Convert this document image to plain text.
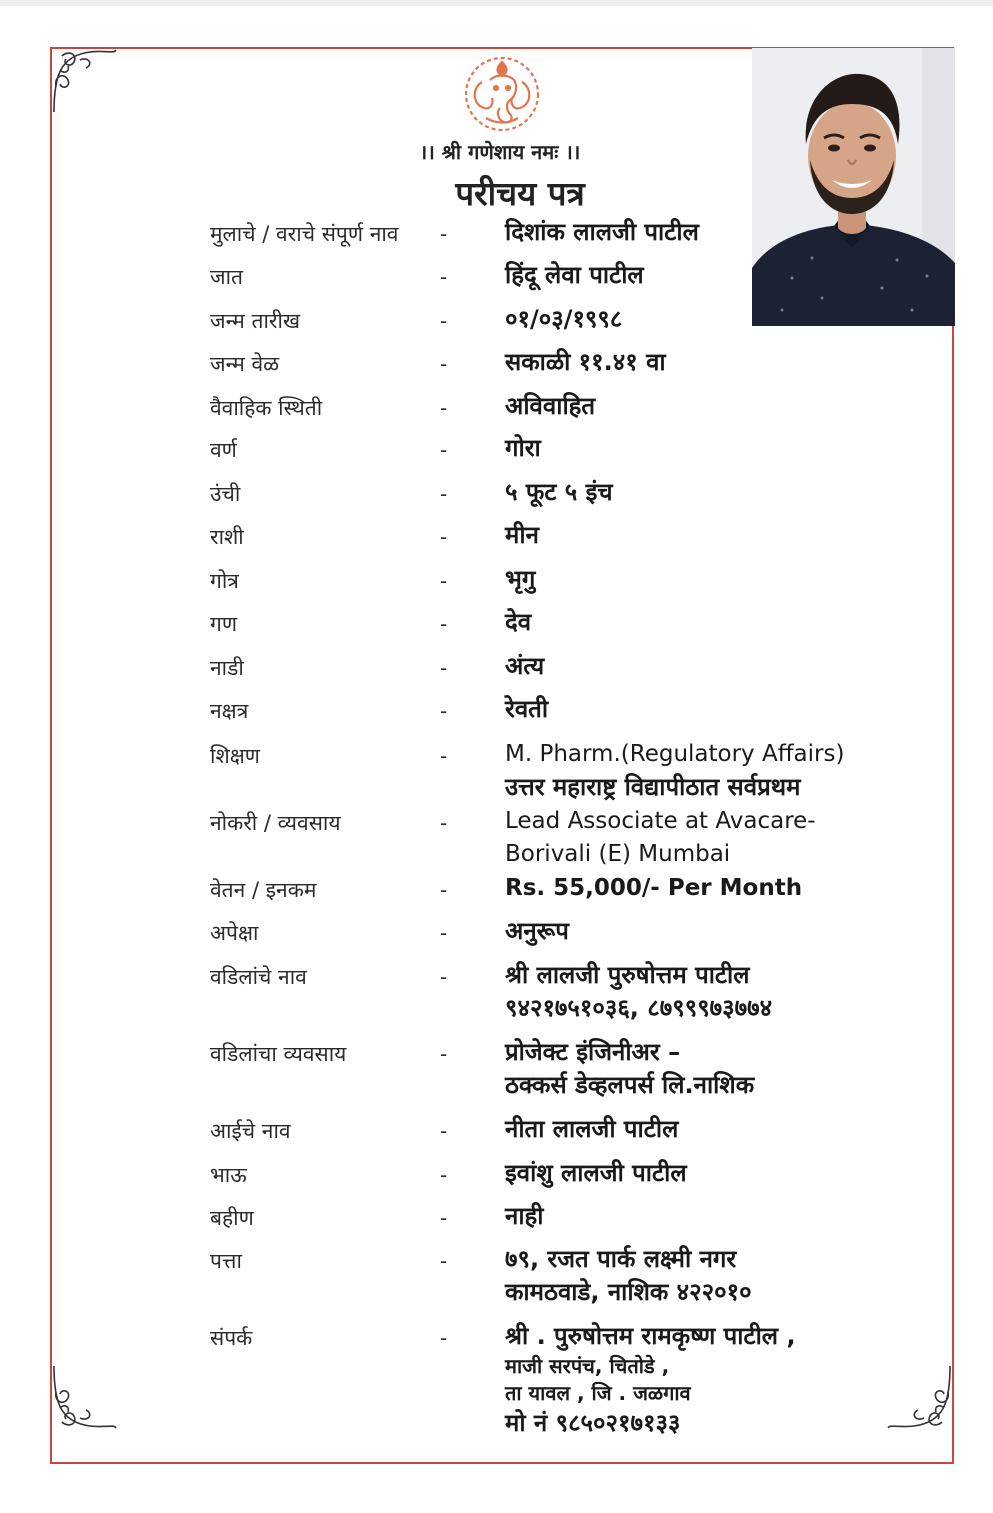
।। श्री गणेशाय नमः ।।
परीचय पत्र
मुलाचे / वराचे संपूर्ण नाव - दिशांक लालजी पाटील
जात	- हिंदू लेवा पाटील
जन्म तारीख	- ०१/०३/१९९८
जन्म वेळ	- सकाळी ११.४१ वा
वैवाहिक स्थिती	- अविवाहित
वर्ण	- गोरा
उंची	- ५ फूट ५ इंच
राशी	- मीन
गोत्र	- भृगु
गण	- देव
नाडी	- अंत्य
नक्षत्र	- रेवती
शिक्षण	-	M. Pharm.(Regulatory Affairs)
उत्तर महाराष्ट्र विद्यापीठात सर्वप्रथम
नोकरी / व्यवसाय	-	Lead Associate at Avacare-
Borivali (E) Mumbai
वेतन / इनकम	-	Rs. 55,000/- Per Month
अपेक्षा	- अनुरूप
वडिलांचे नाव	- श्री लालजी पुरुषोत्तम पाटील
९४२१७५१०३६, ८७९९९७३७७४
वडिलांचा व्यवसाय	- प्रोजेक्ट इंजिनीअर –
ठक्कर्स डेव्हलपर्स लि.नाशिक
आईचे नाव	- नीता लालजी पाटील
भाऊ	- इवांशु लालजी पाटील
बहीण	- नाही
पत्ता	- ७९, रजत पार्क लक्ष्मी नगर
कामठवाडे, नाशिक ४२२०१०
संपर्क	- श्री . पुरुषोत्तम रामकृष्ण पाटील ,
माजी सरपंच, चितोडे ,
ता यावल , जि . जळगाव
मो नं ९८५०२१७१३३
